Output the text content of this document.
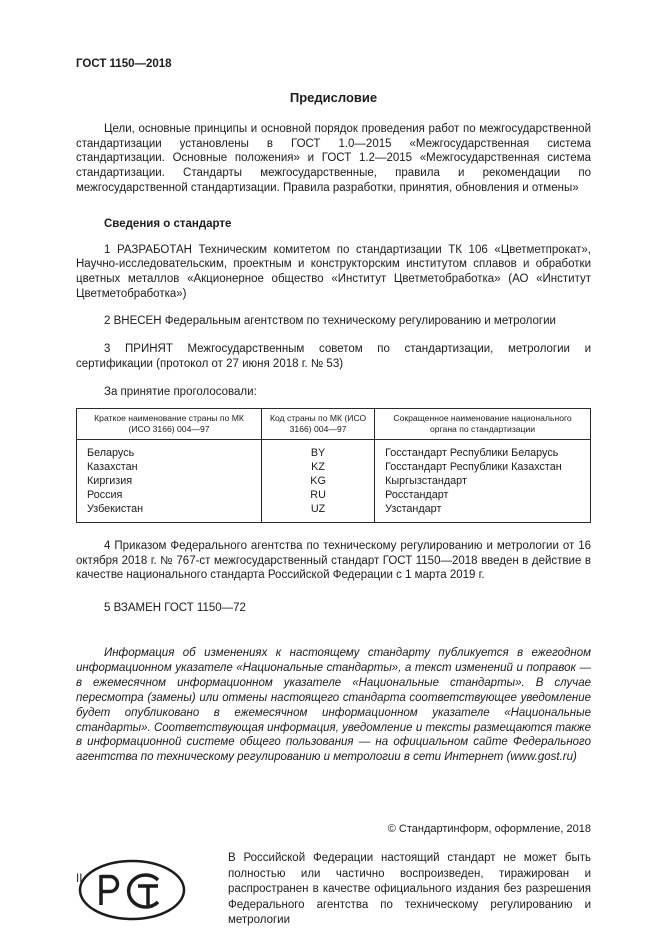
ГОСТ 1150—2018
Предисловие

Цели, основные принципы и основной порядок проведения работ по межгосударственной стандартизации установлены в ГОСТ 1.0—2015 «Межгосударственная система стандартизации. Основные положения» и ГОСТ 1.2—2015 «Межгосударственная система стандартизации. Стандарты межгосударственные, правила и рекомендации по межгосударственной стандартизации. Правила разработки, принятия, обновления и отмены»

Сведения о стандарте

1 РАЗРАБОТАН Техническим комитетом по стандартизации ТК 106 «Цветметпрокат», Научно-исследовательским, проектным и конструкторским институтом сплавов и обработки цветных металлов «Акционерное общество «Институт Цветметобработка» (АО «Институт Цветметобработка»)

2 ВНЕСЕН Федеральным агентством по техническому регулированию и метрологии

3 ПРИНЯТ Межгосударственным советом по стандартизации, метрологии и сертификации (протокол от 27 июня 2018 г. № 53)

За принятие проголосовали:

Краткое наименование страны по МК (ИСО 3166) 004—97	Код страны по МК (ИСО 3166) 004—97	Сокращенное наименование национального органа по стандартизации
Беларусь	BY	Госстандарт Республики Беларусь
Казахстан	KZ	Госстандарт Республики Казахстан
Киргизия	KG	Кыргызстандарт
Россия	RU	Росстандарт
Узбекистан	UZ	Узстандарт

4 Приказом Федерального агентства по техническому регулированию и метрологии от 16 октября 2018 г. № 767-ст межгосударственный стандарт ГОСТ 1150—2018 введен в действие в качестве национального стандарта Российской Федерации с 1 марта 2019 г.

5 ВЗАМЕН ГОСТ 1150—72

Информация об изменениях к настоящему стандарту публикуется в ежегодном информационном указателе «Национальные стандарты», а текст изменений и поправок — в ежемесячном информационном указателе «Национальные стандарты». В случае пересмотра (замены) или отмены настоящего стандарта соответствующее уведомление будет опубликовано в ежемесячном информационном указателе «Национальные стандарты». Соответствующая информация, уведомление и тексты размещаются также в информационной системе общего пользования — на официальном сайте Федерального агентства по техническому регулированию и метрологии в сети Интернет (www.gost.ru)

© Стандартинформ, оформление, 2018

В Российской Федерации настоящий стандарт не может быть полностью или частично воспроизведен, тиражирован и распространен в качестве официального издания без разрешения Федерального агентства по техническому регулированию и метрологии

II
